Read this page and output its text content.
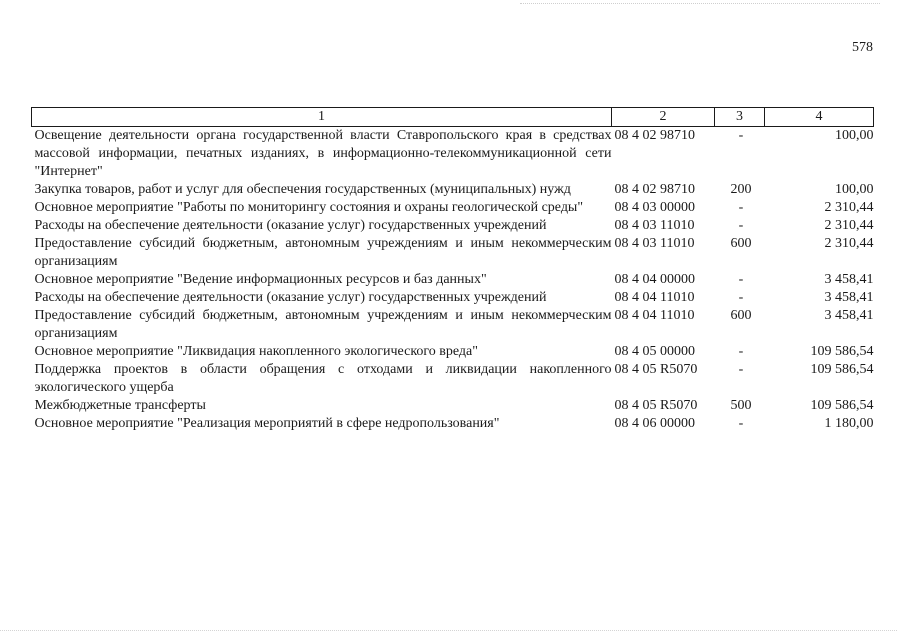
578
1	2	3	4
Освещение деятельности органа государственной власти Ставропольского края в средствах массовой информации, печатных изданиях, в информационно-телекоммуникационной сети "Интернет"	08 4 02 98710	-	100,00
Закупка товаров, работ и услуг для обеспечения государственных (муниципальных) нужд	08 4 02 98710	200	100,00
Основное мероприятие "Работы по мониторингу состояния и охраны геологической среды"	08 4 03 00000	-	2 310,44
Расходы на обеспечение деятельности (оказание услуг) государственных учреждений	08 4 03 11010	-	2 310,44
Предоставление субсидий бюджетным, автономным учреждениям и иным некоммерческим организациям	08 4 03 11010	600	2 310,44
Основное мероприятие "Ведение информационных ресурсов и баз данных"	08 4 04 00000	-	3 458,41
Расходы на обеспечение деятельности (оказание услуг) государственных учреждений	08 4 04 11010	-	3 458,41
Предоставление субсидий бюджетным, автономным учреждениям и иным некоммерческим организациям	08 4 04 11010	600	3 458,41
Основное мероприятие "Ликвидация накопленного экологического вреда"	08 4 05 00000	-	109 586,54
Поддержка проектов в области обращения с отходами и ликвидации накопленного экологического ущерба	08 4 05 R5070	-	109 586,54
Межбюджетные трансферты	08 4 05 R5070	500	109 586,54
Основное мероприятие "Реализация мероприятий в сфере недропользования"	08 4 06 00000	-	1 180,00
